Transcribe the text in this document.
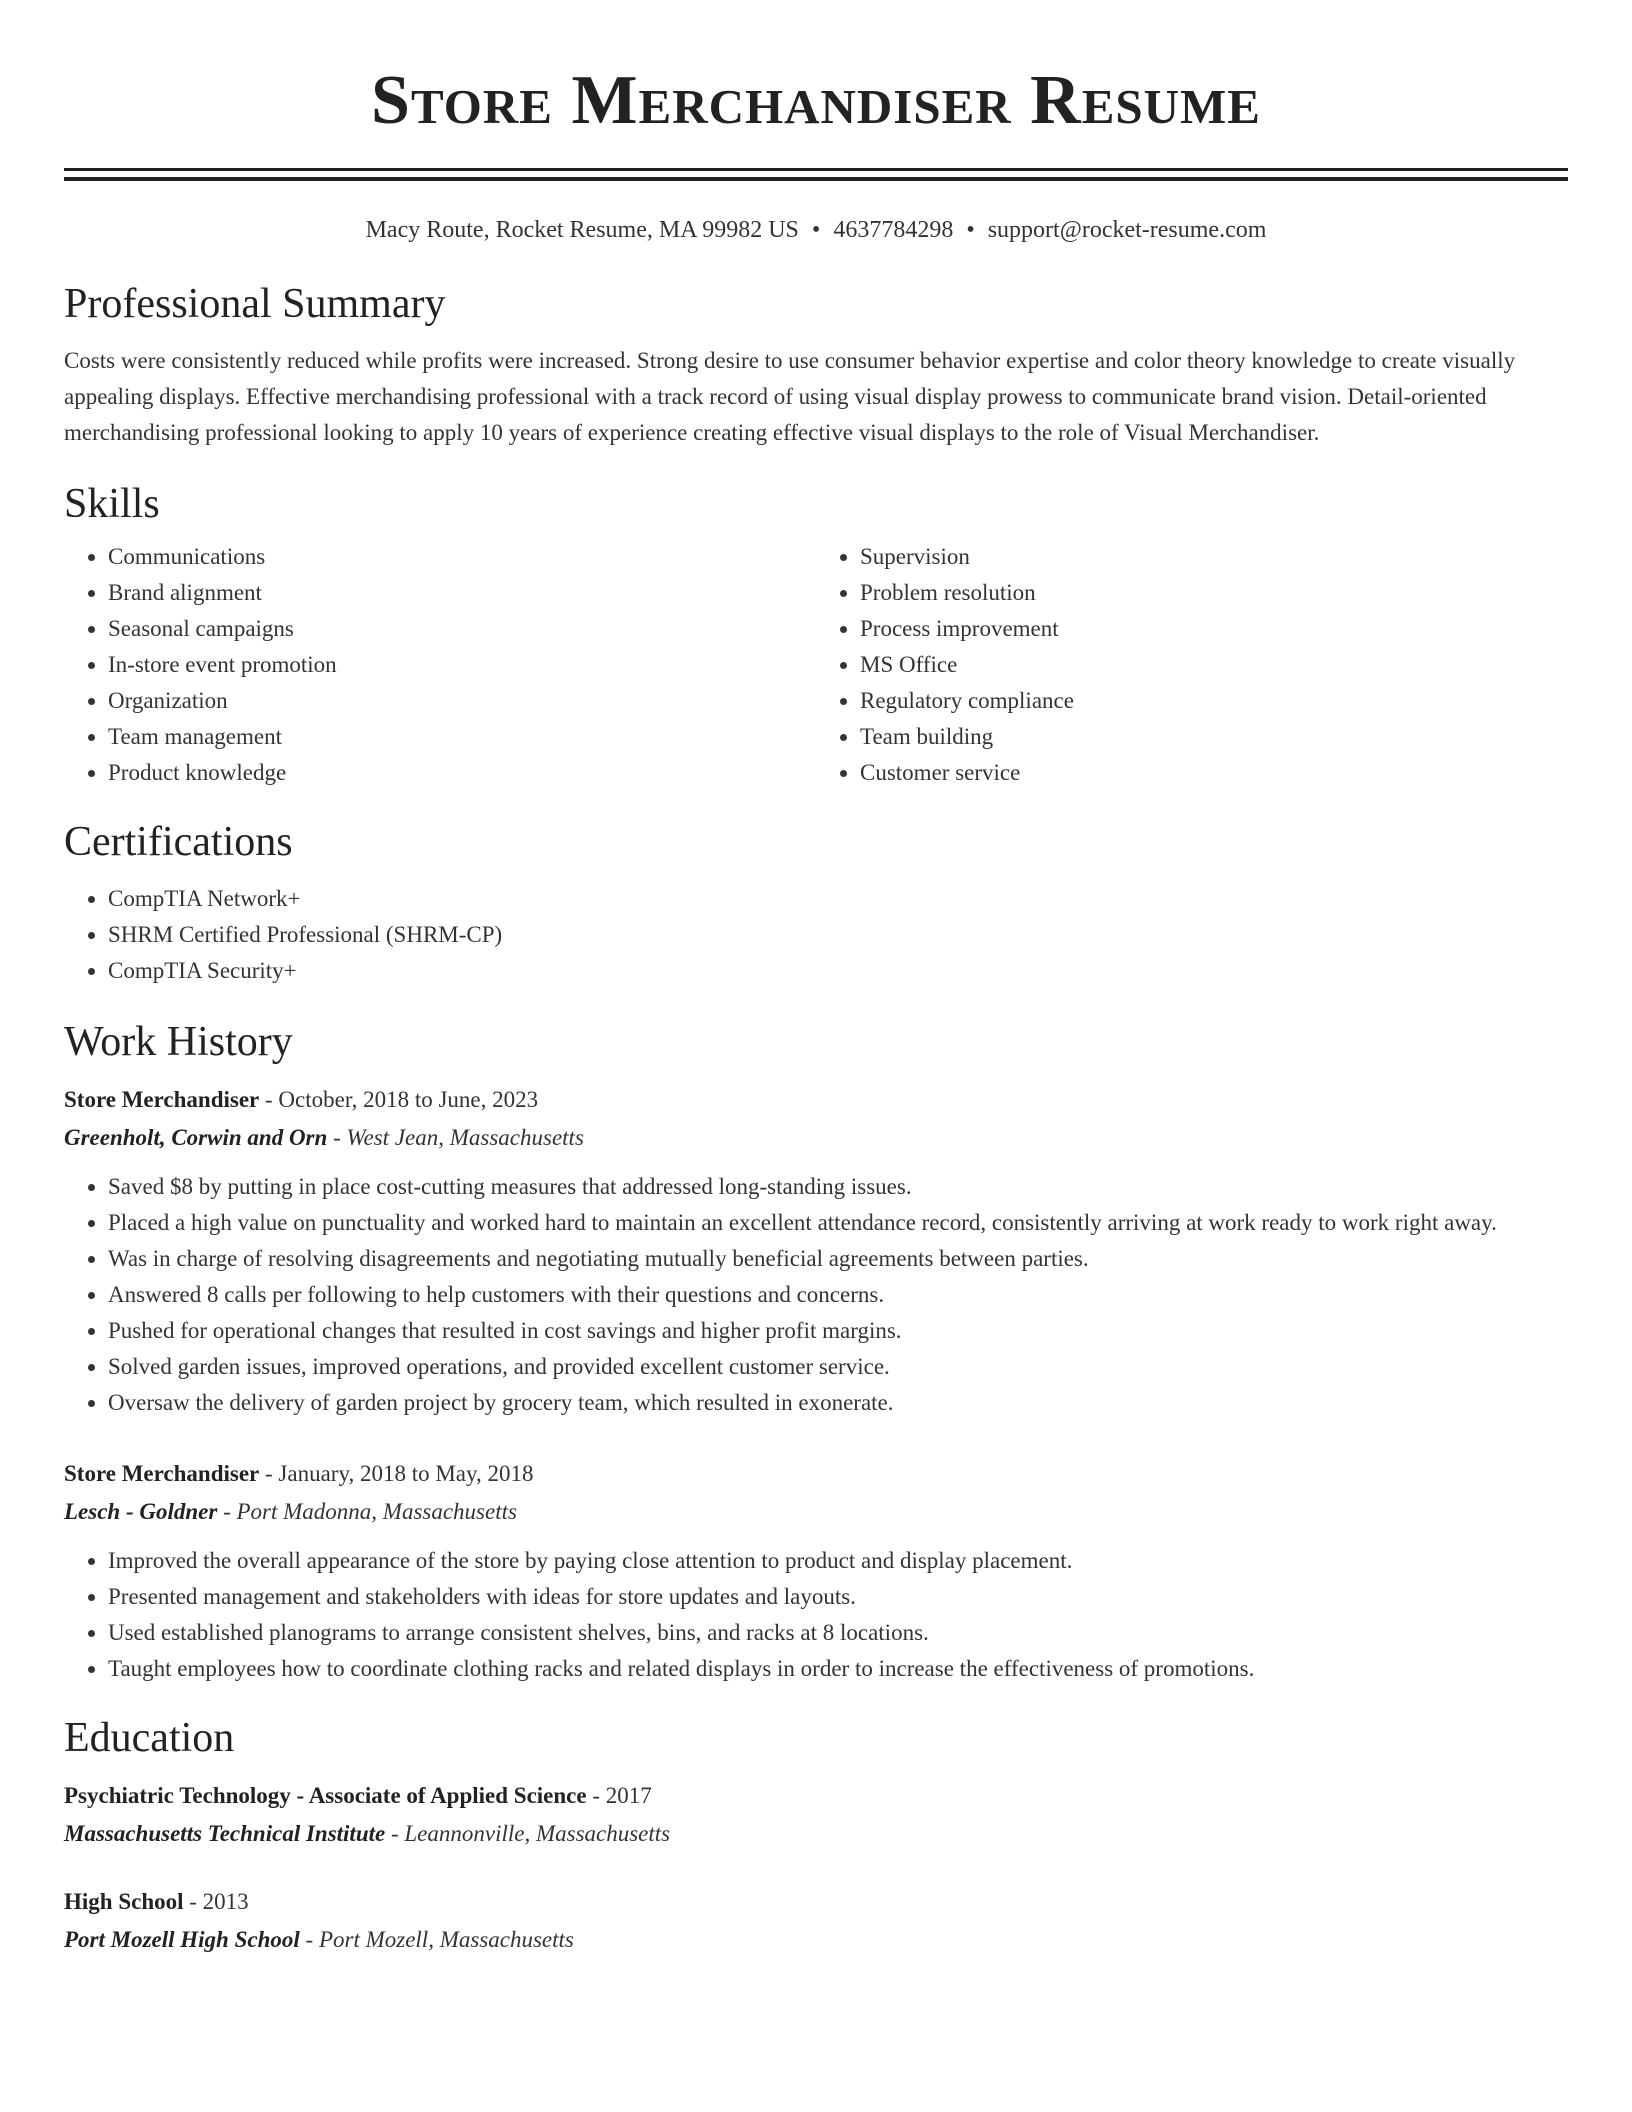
Store Merchandiser Resume
Macy Route, Rocket Resume, MA 99982 US • 4637784298 • support@rocket-resume.com
Professional Summary

Costs were consistently reduced while profits were increased. Strong desire to use consumer behavior expertise and color theory knowledge to create visually appealing displays. Effective merchandising professional with a track record of using visual display prowess to communicate brand vision. Detail-oriented merchandising professional looking to apply 10 years of experience creating effective visual displays to the role of Visual Merchandiser.

Skills
• Communications
• Brand alignment
• Seasonal campaigns
• In-store event promotion
• Organization
• Team management
• Product knowledge
• Supervision
• Problem resolution
• Process improvement
• MS Office
• Regulatory compliance
• Team building
• Customer service
Certifications
• CompTIA Network+
• SHRM Certified Professional (SHRM-CP)
• CompTIA Security+
Work History
Store Merchandiser - October, 2018 to June, 2023
Greenholt, Corwin and Orn - West Jean, Massachusetts
• Saved $8 by putting in place cost-cutting measures that addressed long-standing issues.
• Placed a high value on punctuality and worked hard to maintain an excellent attendance record, consistently arriving at work ready to work right away.
• Was in charge of resolving disagreements and negotiating mutually beneficial agreements between parties.
• Answered 8 calls per following to help customers with their questions and concerns.
• Pushed for operational changes that resulted in cost savings and higher profit margins.
• Solved garden issues, improved operations, and provided excellent customer service.
• Oversaw the delivery of garden project by grocery team, which resulted in exonerate.
Store Merchandiser - January, 2018 to May, 2018
Lesch - Goldner - Port Madonna, Massachusetts
• Improved the overall appearance of the store by paying close attention to product and display placement.
• Presented management and stakeholders with ideas for store updates and layouts.
• Used established planograms to arrange consistent shelves, bins, and racks at 8 locations.
• Taught employees how to coordinate clothing racks and related displays in order to increase the effectiveness of promotions.
Education
Psychiatric Technology - Associate of Applied Science - 2017
Massachusetts Technical Institute - Leannonville, Massachusetts
High School - 2013
Port Mozell High School - Port Mozell, Massachusetts
